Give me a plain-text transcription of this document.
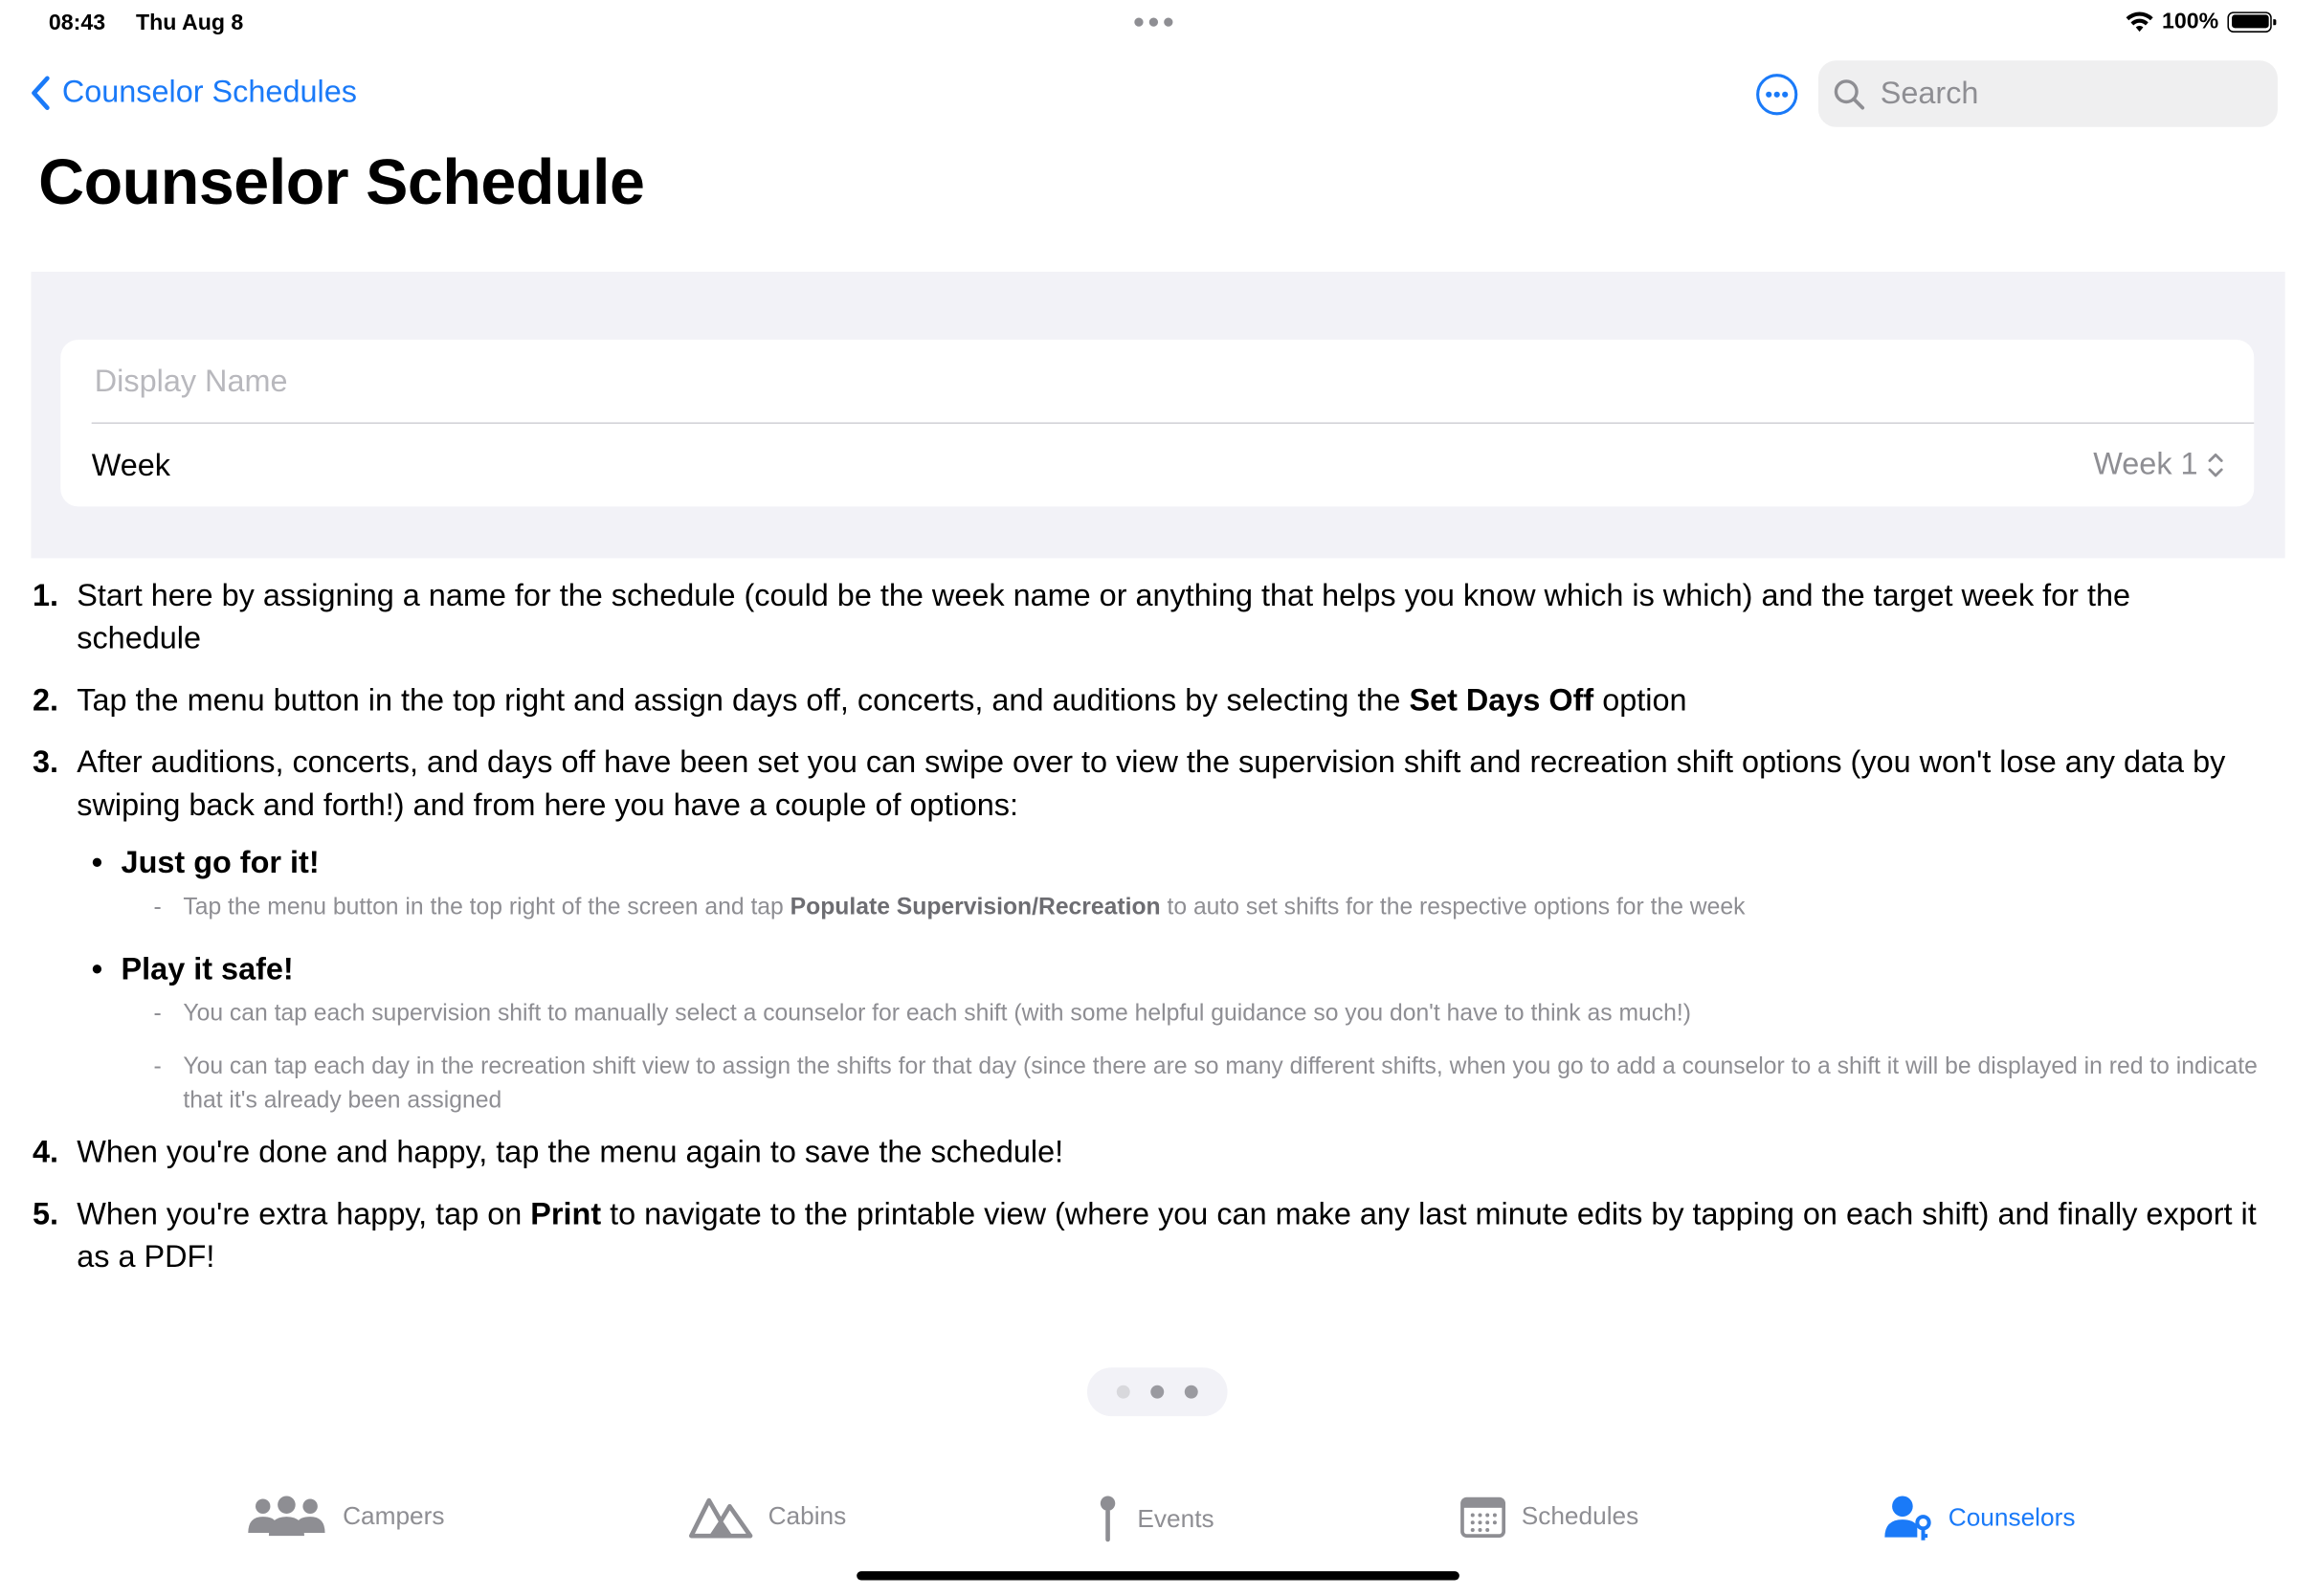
08:43 Thu Aug 8	100%
Counselor Schedules
Search
Counselor Schedule
Display Name
Week	Week 1
1. Start here by assigning a name for the schedule (could be the week name or anything that helps you know which is which) and the target week for the schedule
2. Tap the menu button in the top right and assign days off, concerts, and auditions by selecting the Set Days Off option
3. After auditions, concerts, and days off have been set you can swipe over to view the supervision shift and recreation shift options (you won't lose any data by swiping back and forth!) and from here you have a couple of options:
• Just go for it!
-	Tap the menu button in the top right of the screen and tap Populate Supervision/Recreation to auto set shifts for the respective options for the week
• Play it safe!
-	You can tap each supervision shift to manually select a counselor for each shift (with some helpful guidance so you don't have to think as much!)
-	You can tap each day in the recreation shift view to assign the shifts for that day (since there are so many different shifts, when you go to add a counselor to a shift it will be displayed in red to indicate that it's already been assigned
4. When you're done and happy, tap the menu again to save the schedule!
5. When you're extra happy, tap on Print to navigate to the printable view (where you can make any last minute edits by tapping on each shift) and finally export it as a PDF!
Campers	Cabins	Events	Schedules	Counselors
